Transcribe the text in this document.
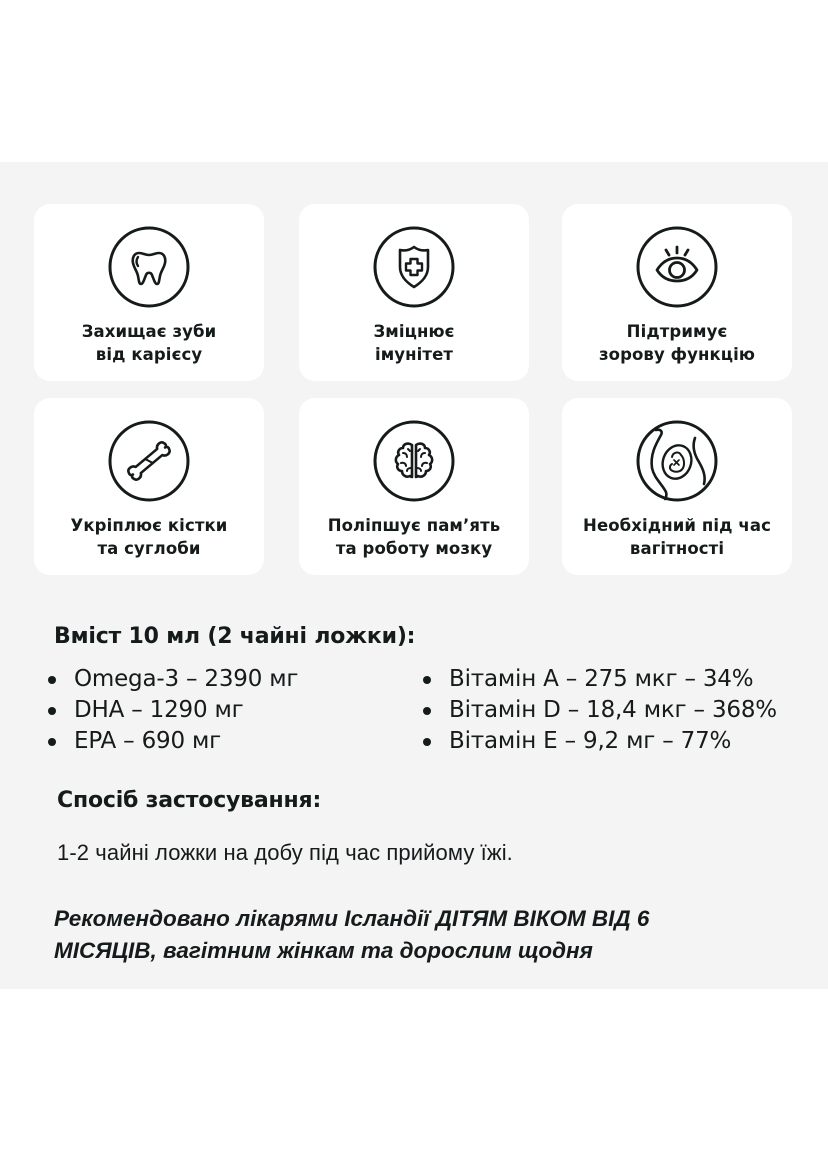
Захищає зуби
від карієсу
Зміцнює
імунітет
Підтримує
зорову функцію
Укріплює кістки
та суглоби
Поліпшує пам’ять
та роботу мозку
Необхідний під час
вагітності
Вміст 10 мл (2 чайні ложки):
Omega-3 – 2390 мг
DHA – 1290 мг
EPA – 690 мг
Вітамін A – 275 мкг – 34%
Вітамін D – 18,4 мкг – 368%
Вітамін E – 9,2 мг – 77%
Спосіб застосування:
1-2 чайні ложки на добу під час прийому їжі.
Рекомендовано лікарями Ісландії ДІТЯМ ВІКОМ ВІД 6
МІСЯЦІВ, вагітним жінкам та дорослим щодня
